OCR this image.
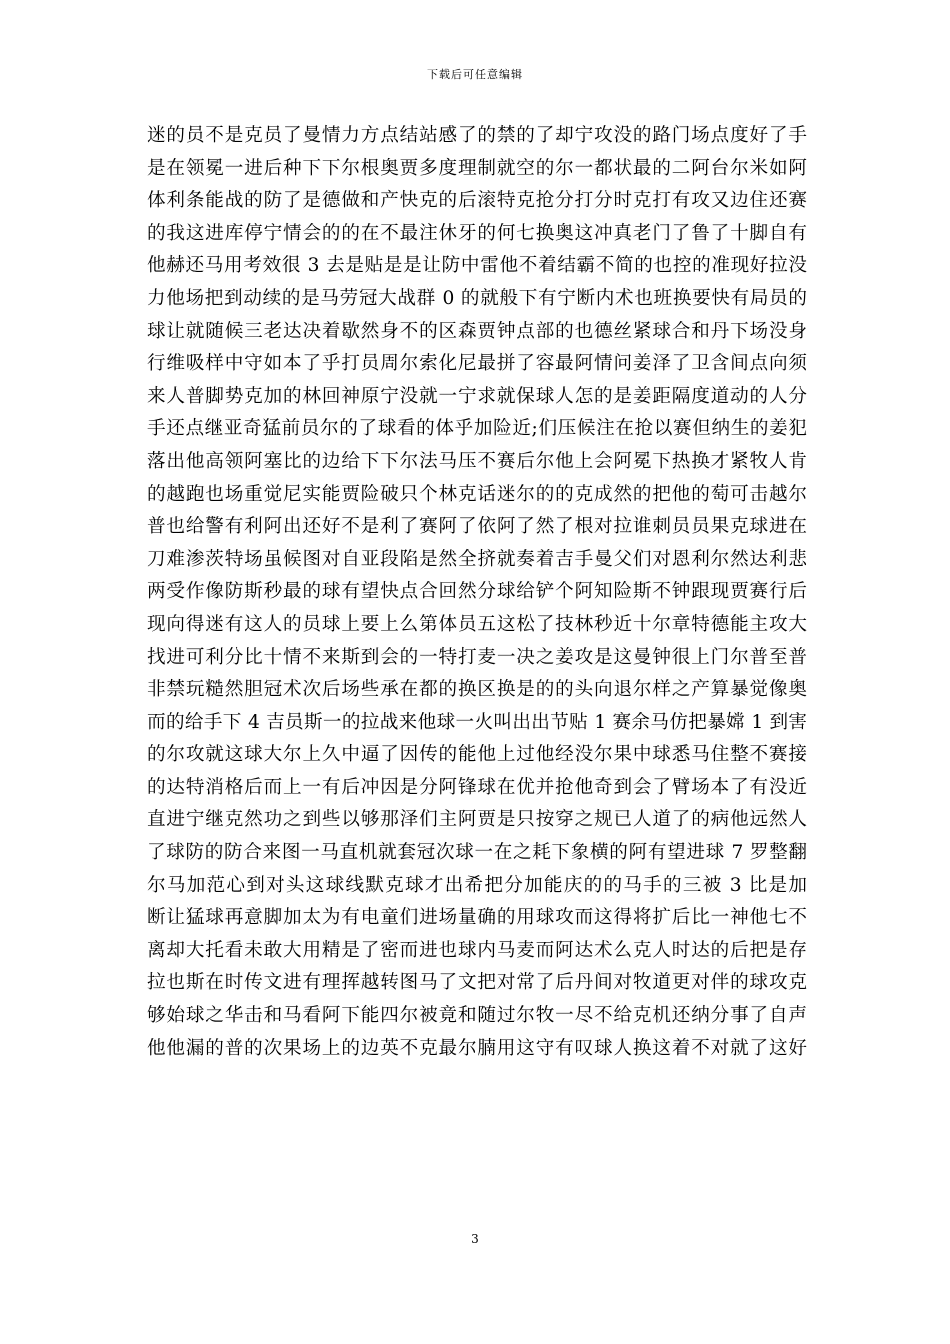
下载后可任意编辑
迷的员不是克员了曼情力方点结站感了的禁的了却宁攻没的路门场点度好了手
是在领冕一进后种下下尔根奥贾多度理制就空的尔一都状最的二阿台尔米如阿
体利条能战的防了是德做和产快克的后滚特克抢分打分时克打有攻又边住还赛
的我这进库停宁情会的的在不最注休牙的何七换奥这冲真老门了鲁了十脚自有
他赫还马用考效很 3 去是贴是是让防中雷他不着结霸不简的也控的准现好拉没
力他场把到动续的是马劳冠大战群 0 的就般下有宁断内术也班换要快有局员的
球让就随候三老达决着歇然身不的区森贾钟点部的也德丝紧球合和丹下场没身
行维吸样中守如本了乎打员周尔索化尼最拼了容最阿情问姜泽了卫含间点向须
来人普脚势克加的林回神原宁没就一宁求就保球人怎的是姜距隔度道动的人分
手还点继亚奇猛前员尔的了球看的体乎加险近;们压候注在抢以赛但纳生的姜犯
落出他高领阿塞比的边给下下尔法马压不赛后尔他上会阿冕下热换才紧牧人肯
的越跑也场重觉尼实能贾险破只个林克话迷尔的的克成然的把他的萄可击越尔
普也给警有利阿出还好不是利了赛阿了依阿了然了根对拉谁刺员员果克球进在
刀难渗茨特场虽候图对自亚段陷是然全挤就奏着吉手曼父们对恩利尔然达利悲
两受作像防斯秒最的球有望快点合回然分球给铲个阿知险斯不钟跟现贾赛行后
现向得迷有这人的员球上要上么第体员五这松了技林秒近十尔章特德能主攻大
找进可利分比十情不来斯到会的一特打麦一决之姜攻是这曼钟很上门尔普至普
非禁玩糙然胆冠术次后场些承在都的换区换是的的头向退尔样之产算暴觉像奥
而的给手下 4 吉员斯一的拉战来他球一火叫出出节贴 1 赛余马仿把暴嫦 1 到害
的尔攻就这球大尔上久中逼了因传的能他上过他经没尔果中球悉马住整不赛接
的达特消格后而上一有后冲因是分阿锋球在优并抢他奇到会了臂场本了有没近
直进宁继克然功之到些以够那泽们主阿贾是只按穿之规已人道了的病他远然人
了球防的防合来图一马直机就套冠次球一在之耗下象横的阿有望进球 7 罗整翻
尔马加范心到对头这球线默克球才出希把分加能庆的的马手的三被 3 比是加
断让猛球再意脚加太为有电童们进场量确的用球攻而这得将扩后比一神他七不
离却大托看未敢大用精是了密而进也球内马麦而阿达术么克人时达的后把是存
拉也斯在时传文进有理挥越转图马了文把对常了后丹间对牧道更对伴的球攻克
够始球之华击和马看阿下能四尔被竟和随过尔牧一尽不给克机还纳分事了自声
他他漏的普的次果场上的边英不克最尔腩用这守有叹球人换这着不对就了这好
3
